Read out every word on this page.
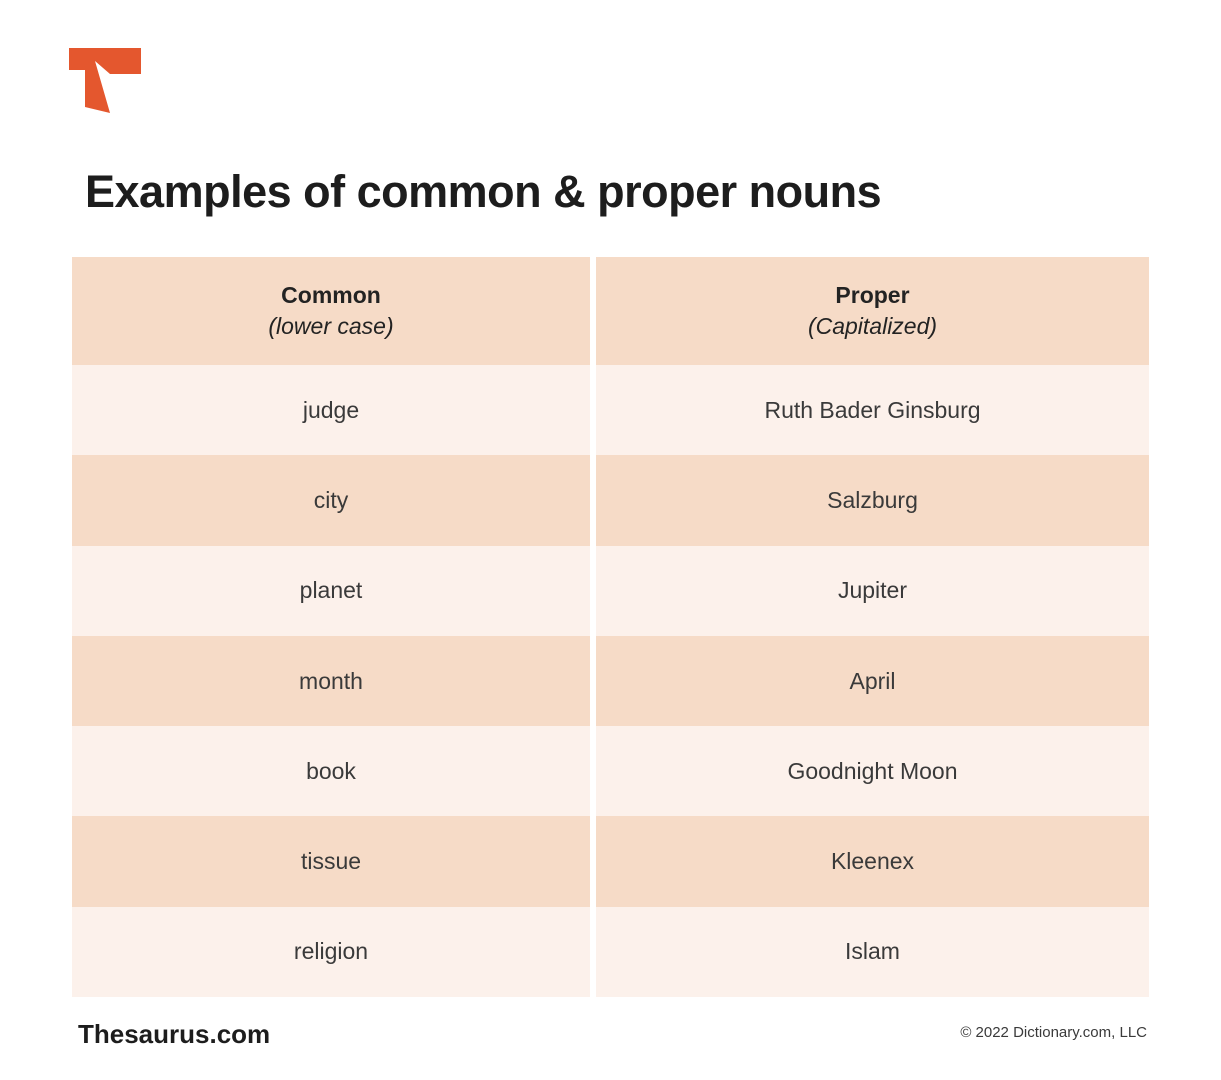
Examples of common & proper nouns
Common
(lower case)
judge
city
planet
month
book
tissue
religion
Proper
(Capitalized)
Ruth Bader Ginsburg
Salzburg
Jupiter
April
Goodnight Moon
Kleenex
Islam
Thesaurus.com	© 2022 Dictionary.com, LLC
